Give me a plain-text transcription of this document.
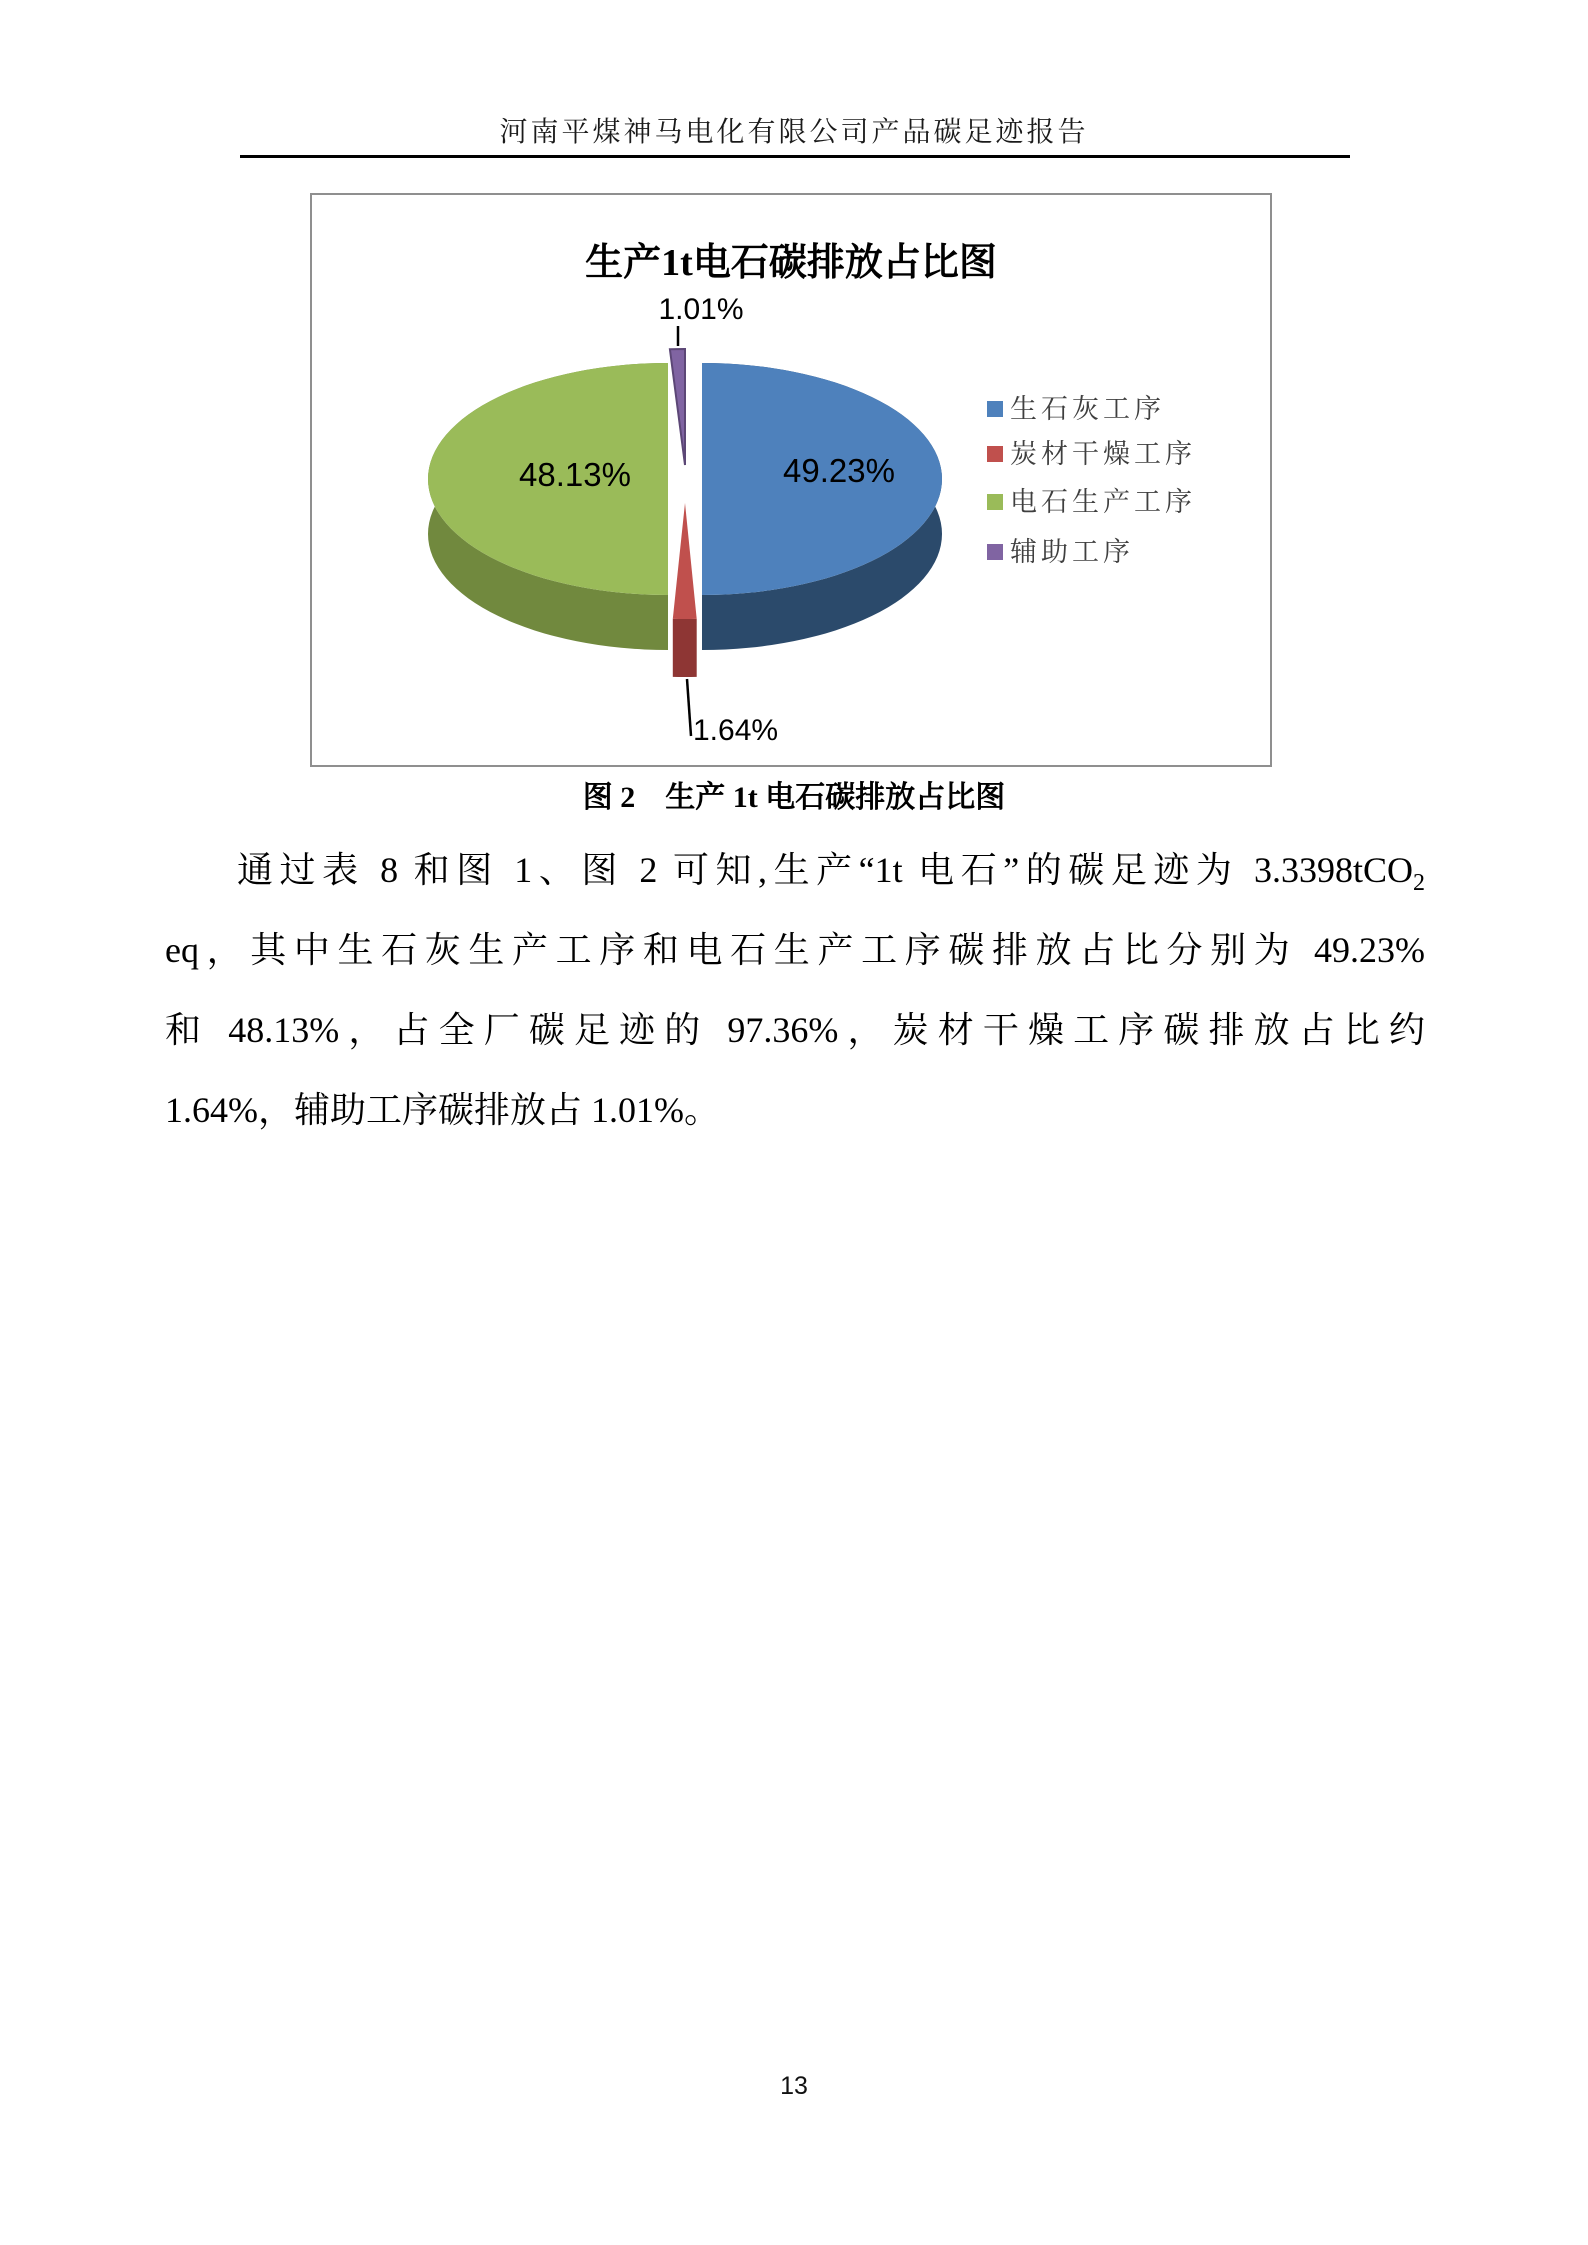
河南平煤神马电化有限公司产品碳足迹报告
生产1t电石碳排放占比图
1.01%
49.23%
48.13%
1.64%
生石灰工序
炭材干燥工序
电石生产工序
辅助工序
图 2　生产 1t 电石碳排放占比图
通过表 8 和图 1、图 2 可知,生产“1t 电石”的碳足迹为 3.3398tCO$_2$
eq，其中生石灰生产工序和电石生产工序碳排放占比分别为 49.23%
和 48.13%，占全厂碳足迹的 97.36%，炭材干燥工序碳排放占比约
1.64%，辅助工序碳排放占 1.01%。
13
